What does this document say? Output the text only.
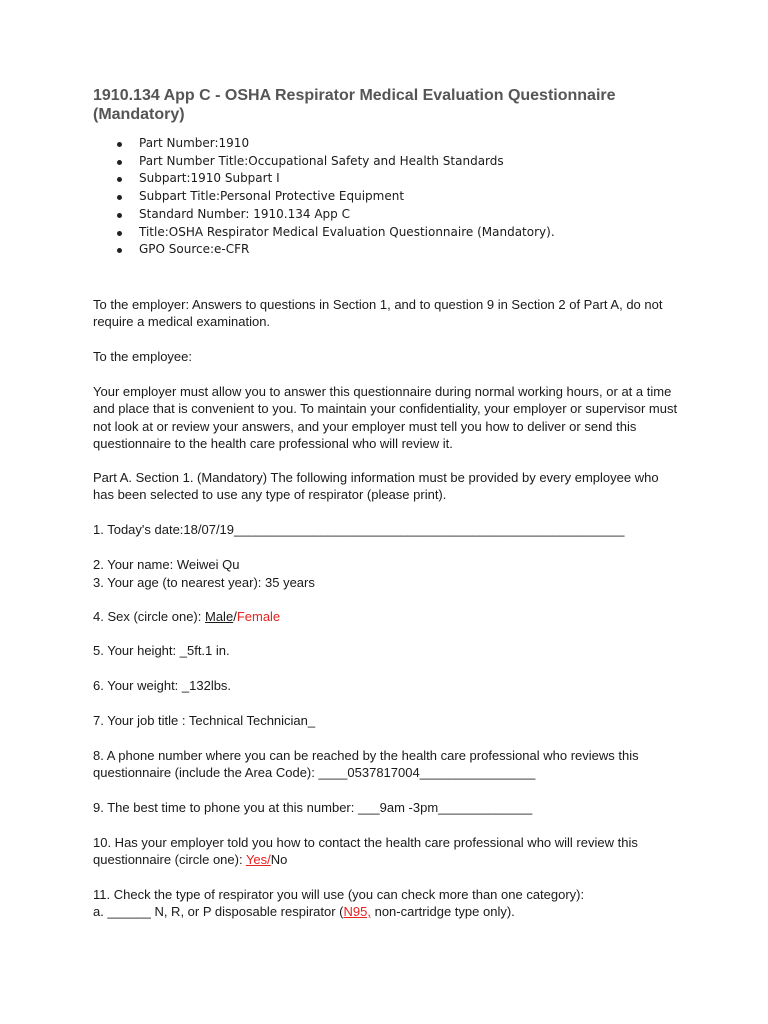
1910.134 App C - OSHA Respirator Medical Evaluation Questionnaire (Mandatory)
Part Number:1910
Part Number Title:Occupational Safety and Health Standards
Subpart:1910 Subpart I
Subpart Title:Personal Protective Equipment
Standard Number: 1910.134 App C
Title:OSHA Respirator Medical Evaluation Questionnaire (Mandatory).
GPO Source:e-CFR

To the employer: Answers to questions in Section 1, and to question 9 in Section 2 of Part A, do not require a medical examination.

To the employee:

Your employer must allow you to answer this questionnaire during normal working hours, or at a time and place that is convenient to you. To maintain your confidentiality, your employer or supervisor must not look at or review your answers, and your employer must tell you how to deliver or send this questionnaire to the health care professional who will review it.

Part A. Section 1. (Mandatory) The following information must be provided by every employee who has been selected to use any type of respirator (please print).

1. Today's date:18/07/19______________________________________________________

2. Your name: Weiwei Qu

3. Your age (to nearest year): 35 years

4. Sex (circle one): Male/Female

5. Your height: _5ft.1 in.

6. Your weight: _132lbs.

7. Your job title : Technical Technician_

8. A phone number where you can be reached by the health care professional who reviews this questionnaire (include the Area Code): ____0537817004________________

9. The best time to phone you at this number: ___9am -3pm_____________

10. Has your employer told you how to contact the health care professional who will review this questionnaire (circle one): Yes/No

11. Check the type of respirator you will use (you can check more than one category):

a. ______ N, R, or P disposable respirator (N95, non-cartridge type only).
